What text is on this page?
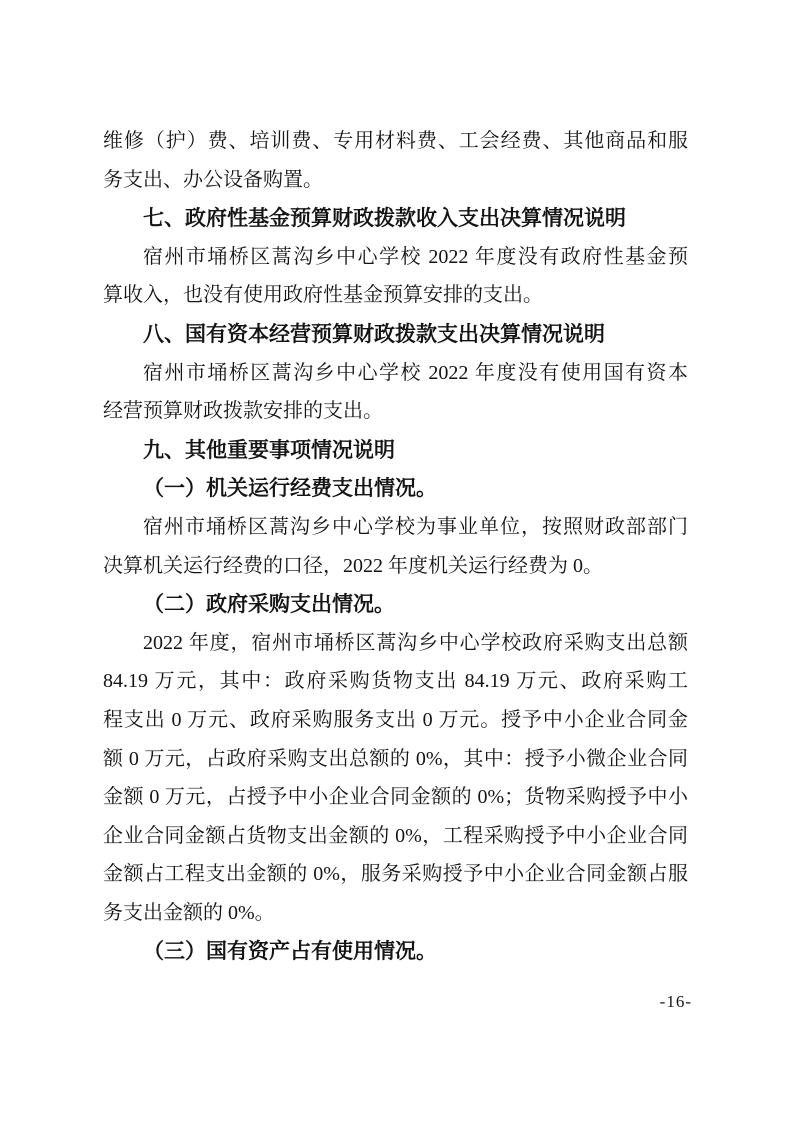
维修（护）费、培训费、专用材料费、工会经费、其他商品和服
务支出、办公设备购置。
七、政府性基金预算财政拨款收入支出决算情况说明
宿州市埇桥区蒿沟乡中心学校 2022 年度没有政府性基金预
算收入，也没有使用政府性基金预算安排的支出。
八、国有资本经营预算财政拨款支出决算情况说明
宿州市埇桥区蒿沟乡中心学校 2022 年度没有使用国有资本
经营预算财政拨款安排的支出。
九、其他重要事项情况说明
（一）机关运行经费支出情况。
宿州市埇桥区蒿沟乡中心学校为事业单位，按照财政部部门
决算机关运行经费的口径，2022 年度机关运行经费为 0。
（二）政府采购支出情况。
2022 年度，宿州市埇桥区蒿沟乡中心学校政府采购支出总额
84.19 万元，其中：政府采购货物支出 84.19 万元、政府采购工
程支出 0 万元、政府采购服务支出 0 万元。授予中小企业合同金
额 0 万元，占政府采购支出总额的 0%，其中：授予小微企业合同
金额 0 万元，占授予中小企业合同金额的 0%；货物采购授予中小
企业合同金额占货物支出金额的 0%，工程采购授予中小企业合同
金额占工程支出金额的 0%，服务采购授予中小企业合同金额占服
务支出金额的 0%。
（三）国有资产占有使用情况。
-16-
